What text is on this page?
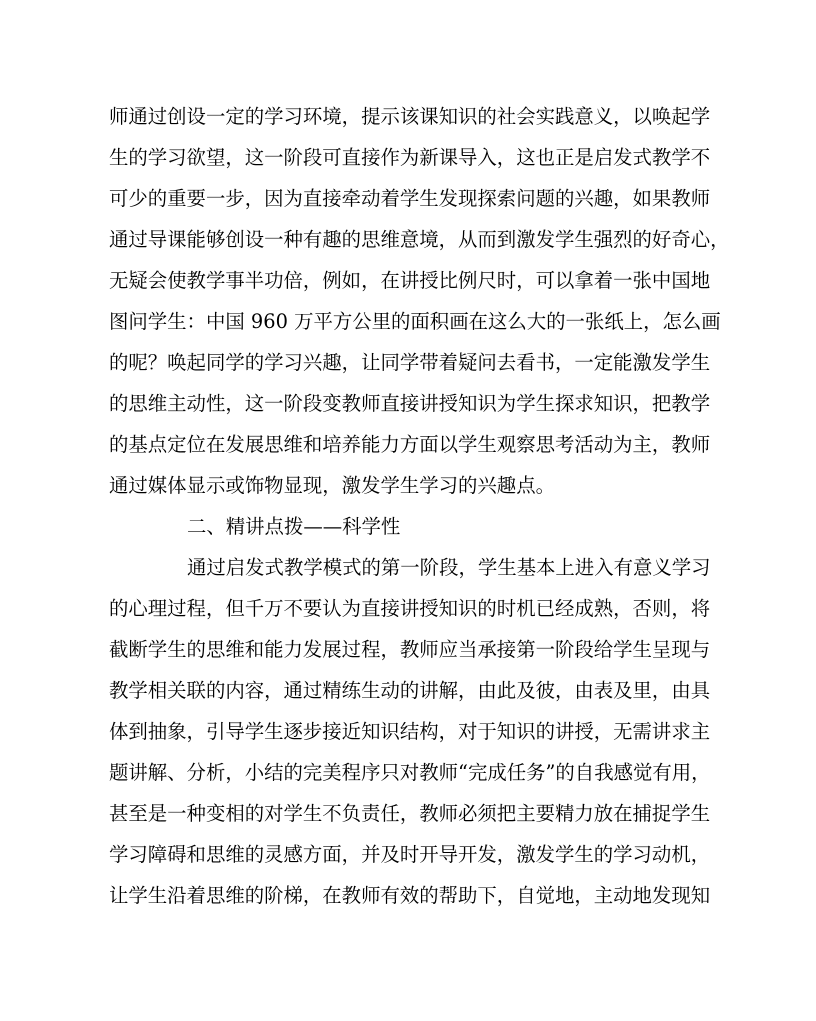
师通过创设一定的学习环境，提示该课知识的社会实践意义，以唤起学
生的学习欲望，这一阶段可直接作为新课导入，这也正是启发式教学不
可少的重要一步，因为直接牵动着学生发现探索问题的兴趣，如果教师
通过导课能够创设一种有趣的思维意境，从而到激发学生强烈的好奇心，
无疑会使教学事半功倍，例如，在讲授比例尺时，可以拿着一张中国地
图问学生：中国 960 万平方公里的面积画在这么大的一张纸上，怎么画
的呢？唤起同学的学习兴趣，让同学带着疑问去看书，一定能激发学生
的思维主动性，这一阶段变教师直接讲授知识为学生探求知识，把教学
的基点定位在发展思维和培养能力方面以学生观察思考活动为主，教师
通过媒体显示或饰物显现，激发学生学习的兴趣点。
二、精讲点拨——科学性
通过启发式教学模式的第一阶段，学生基本上进入有意义学习
的心理过程，但千万不要认为直接讲授知识的时机已经成熟，否则，将
截断学生的思维和能力发展过程，教师应当承接第一阶段给学生呈现与
教学相关联的内容，通过精练生动的讲解，由此及彼，由表及里，由具
体到抽象，引导学生逐步接近知识结构，对于知识的讲授，无需讲求主
题讲解、分析，小结的完美程序只对教师“完成任务”的自我感觉有用，
甚至是一种变相的对学生不负责任，教师必须把主要精力放在捕捉学生
学习障碍和思维的灵感方面，并及时开导开发，激发学生的学习动机，
让学生沿着思维的阶梯，在教师有效的帮助下，自觉地，主动地发现知
